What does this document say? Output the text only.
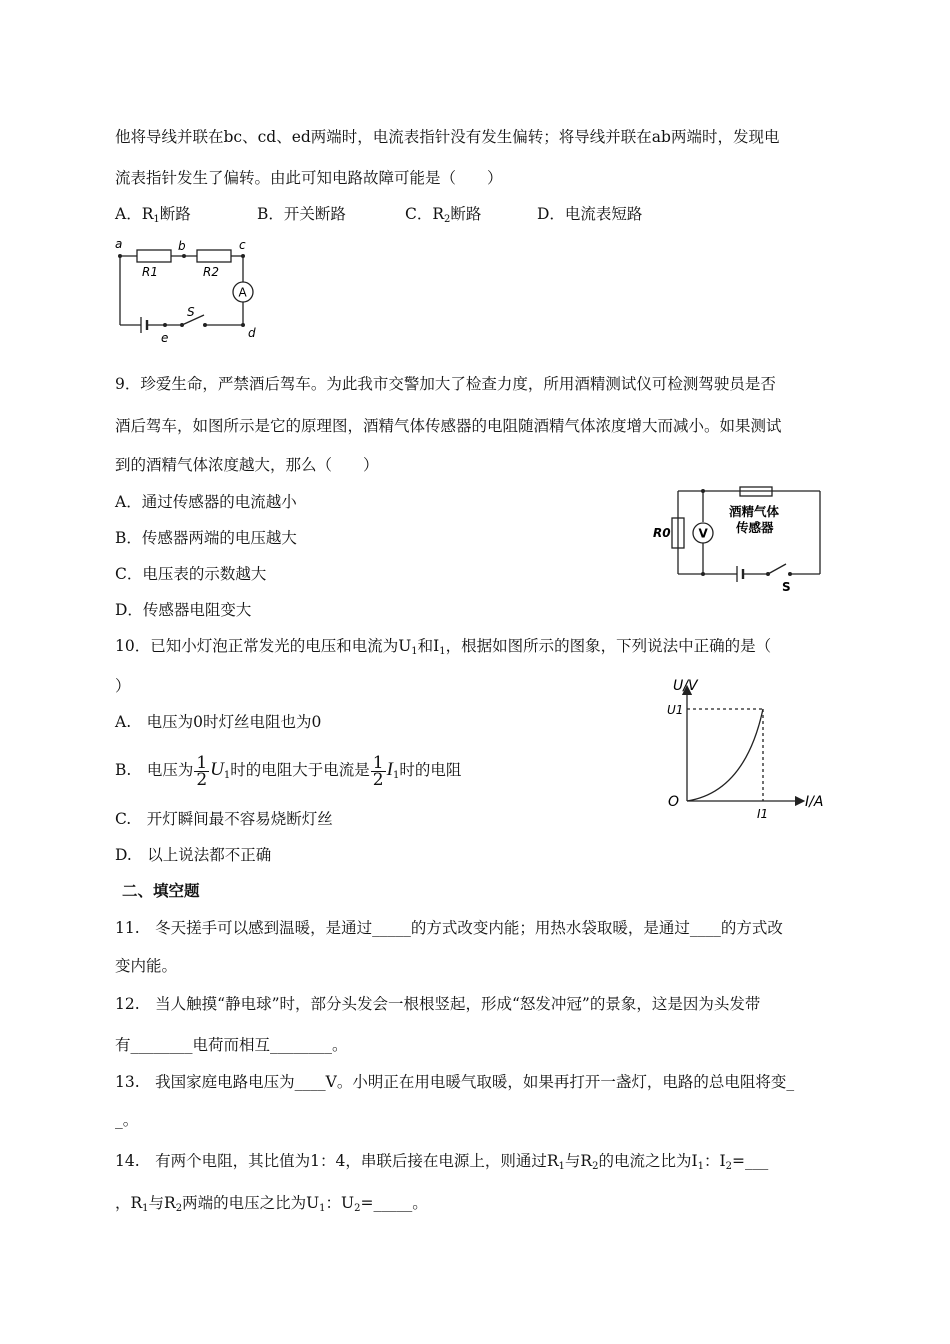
他将导线并联在bc、cd、ed两端时，电流表指针没有发生偏转；将导线并联在ab两端时，发现电
流表指针发生了偏转。由此可知电路故障可能是（　　）
A．$R_1$断路	B．开关断路	C．$R_2$断路	D．电流表短路
a	b	c
d
e
R1	R2
A
S
9．珍爱生命，严禁酒后驾车。为此我市交警加大了检查力度，所用酒精测试仪可检测驾驶员是否
酒后驾车，如图所示是它的原理图，酒精气体传感器的电阻随酒精气体浓度增大而减小。如果测试
到的酒精气体浓度越大，那么（　　）
A．通过传感器的电流越小
B．传感器两端的电压越大
C．电压表的示数越大
D．传感器电阻变大
R0 V
酒精气体
传感器
S
10．已知小灯泡正常发光的电压和电流为$U_1$和$I_1$，根据如图所示的图象，下列说法中正确的是（
）
A.　电压为0时灯丝电阻也为0
B.　电压为 $\frac{1}{2} U_1$时的电阻大于电流是 $\frac{1}{2} I_1$时的电阻
C.　开灯瞬间最不容易烧断灯丝
D.　以上说法都不正确
U/V
I/A
O
U1
I1
二、填空题
11.　冬天搓手可以感到温暖，是通过_____的方式改变内能；用热水袋取暖，是通过____的方式改
变内能。
12.　当人触摸“静电球”时，部分头发会一根根竖起，形成“怒发冲冠”的景象，这是因为头发带
有________电荷而相互________。
13.　我国家庭电路电压为____V。小明正在用电暖气取暖，如果再打开一盏灯，电路的总电阻将变_
_。
14.　有两个电阻，其比值为1：4，串联后接在电源上，则通过$R_1$与$R_2$的电流之比为$I_1$：$I_2=\_\_\_$
，$R_1$与$R_2$两端的电压之比为$U_1$：$U_2=\_\_\_\_\_$。
